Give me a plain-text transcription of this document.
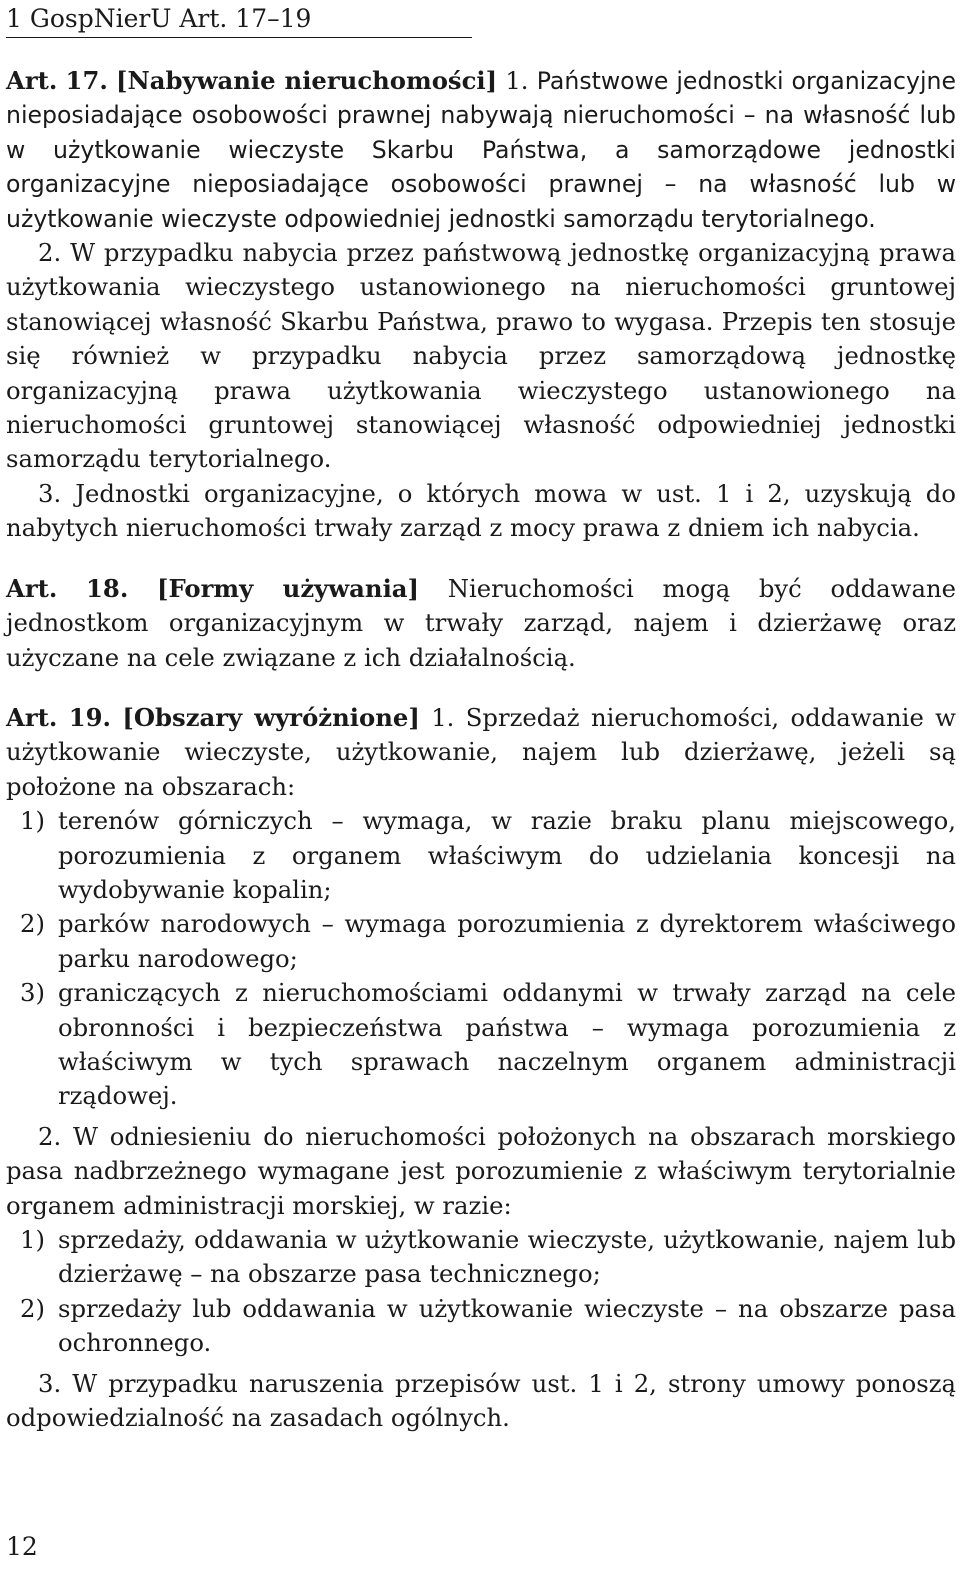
1 GospNierU Art. 17–19

Art. 17. [Nabywanie nieruchomości] 1. Państwowe jednostki organizacyjne nieposiadające osobowości prawnej nabywają nieruchomości – na własność lub w użytkowanie wieczyste Skarbu Państwa, a samorządowe jednostki organizacyjne nieposiadające osobowości prawnej – na własność lub w użytkowanie wieczyste odpowiedniej jednostki samorządu terytorialnego.

2. W przypadku nabycia przez państwową jednostkę organizacyjną prawa użytkowania wieczystego ustanowionego na nieruchomości gruntowej stanowiącej własność Skarbu Państwa, prawo to wygasa. Przepis ten stosuje się również w przypadku nabycia przez samorządową jednostkę organizacyjną prawa użytkowania wieczystego ustanowionego na nieruchomości gruntowej stanowiącej własność odpowiedniej jednostki samorządu terytorialnego.

3. Jednostki organizacyjne, o których mowa w ust. 1 i 2, uzyskują do nabytych nieruchomości trwały zarząd z mocy prawa z dniem ich nabycia.

Art. 18. [Formy używania] Nieruchomości mogą być oddawane jednostkom organizacyjnym w trwały zarząd, najem i dzierżawę oraz użyczane na cele związane z ich działalnością.

Art. 19. [Obszary wyróżnione] 1. Sprzedaż nieruchomości, oddawanie w użytkowanie wieczyste, użytkowanie, najem lub dzierżawę, jeżeli są położone na obszarach:

1) terenów górniczych – wymaga, w razie braku planu miejscowego, porozumienia z organem właściwym do udzielania koncesji na wydobywanie kopalin;
2) parków narodowych – wymaga porozumienia z dyrektorem właściwego parku narodowego;
3) graniczących z nieruchomościami oddanymi w trwały zarząd na cele obronności i bezpieczeństwa państwa – wymaga porozumienia z właściwym w tych sprawach naczelnym organem administracji rządowej.

2. W odniesieniu do nieruchomości położonych na obszarach morskiego pasa nadbrzeżnego wymagane jest porozumienie z właściwym terytorialnie organem administracji morskiej, w razie:

1) sprzedaży, oddawania w użytkowanie wieczyste, użytkowanie, najem lub dzierżawę – na obszarze pasa technicznego;
2) sprzedaży lub oddawania w użytkowanie wieczyste – na obszarze pasa ochronnego.

3. W przypadku naruszenia przepisów ust. 1 i 2, strony umowy ponoszą odpowiedzialność na zasadach ogólnych.

12
